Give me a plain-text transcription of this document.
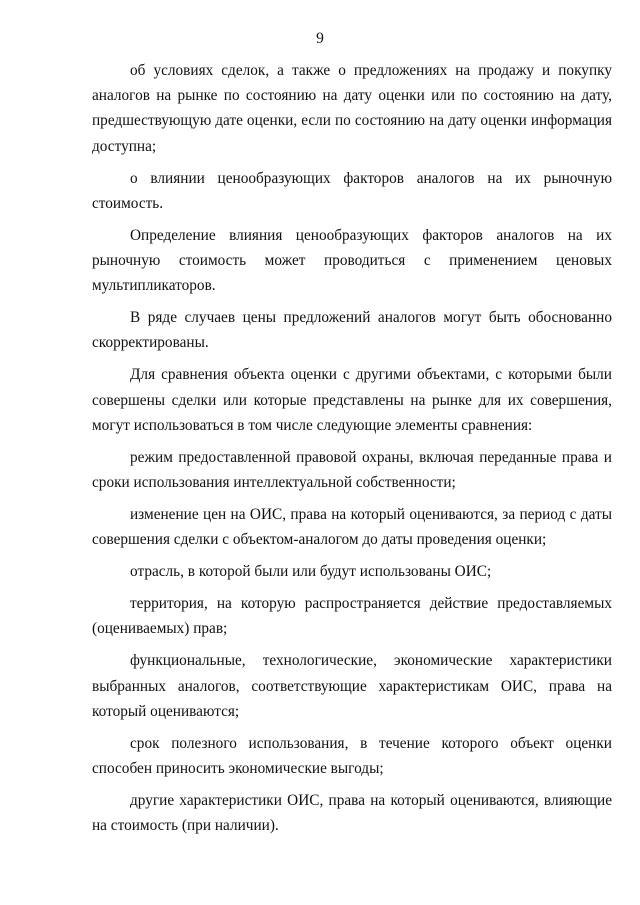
9

об условиях сделок, а также о предложениях на продажу и покупку аналогов на рынке по состоянию на дату оценки или по состоянию на дату, предшествующую дате оценки, если по состоянию на дату оценки информация доступна;

о влиянии ценообразующих факторов аналогов на их рыночную стоимость.

Определение влияния ценообразующих факторов аналогов на их рыночную стоимость может проводиться с применением ценовых мультипликаторов.

В ряде случаев цены предложений аналогов могут быть обоснованно скорректированы.

Для сравнения объекта оценки с другими объектами, с которыми были совершены сделки или которые представлены на рынке для их совершения, могут использоваться в том числе следующие элементы сравнения:

режим предоставленной правовой охраны, включая переданные права и сроки использования интеллектуальной собственности;

изменение цен на ОИС, права на который оцениваются, за период с даты совершения сделки с объектом-аналогом до даты проведения оценки;

отрасль, в которой были или будут использованы ОИС;

территория, на которую распространяется действие предоставляемых (оцениваемых) прав;

функциональные, технологические, экономические характеристики выбранных аналогов, соответствующие характеристикам ОИС, права на который оцениваются;

срок полезного использования, в течение которого объект оценки способен приносить экономические выгоды;

другие характеристики ОИС, права на который оцениваются, влияющие на стоимость (при наличии).
